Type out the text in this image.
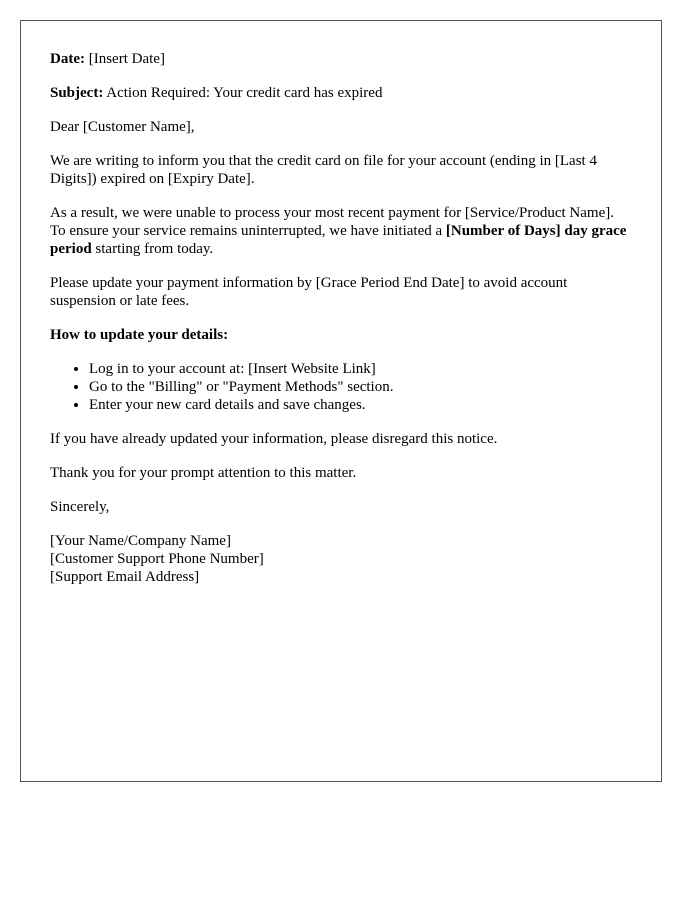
Date: [Insert Date]

Subject: Action Required: Your credit card has expired

Dear [Customer Name],

We are writing to inform you that the credit card on file for your account (ending in [Last 4 Digits]) expired on [Expiry Date].

As a result, we were unable to process your most recent payment for [Service/Product Name]. To ensure your service remains uninterrupted, we have initiated a [Number of Days] day grace period starting from today.

Please update your payment information by [Grace Period End Date] to avoid account suspension or late fees.

How to update your details:

• Log in to your account at: [Insert Website Link]
• Go to the "Billing" or "Payment Methods" section.
• Enter your new card details and save changes.

If you have already updated your information, please disregard this notice.

Thank you for your prompt attention to this matter.

Sincerely,

[Your Name/Company Name]
[Customer Support Phone Number]
[Support Email Address]
